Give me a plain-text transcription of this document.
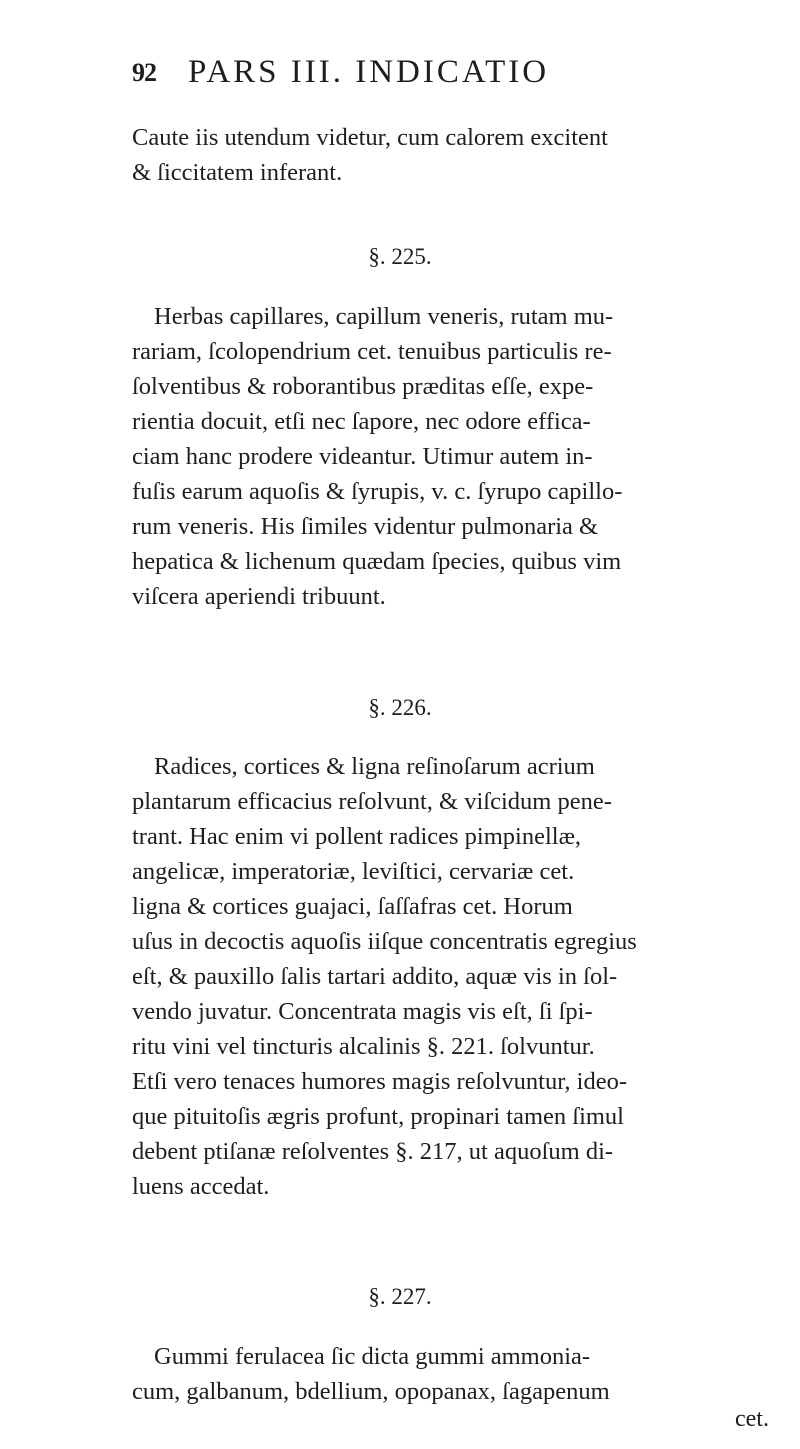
92 PARS III. INDICATIO
Caute iis utendum videtur, cum calorem excitent
& ſiccitatem inferant.
§. 225.
Herbas capillares, capillum veneris, rutam mu-
rariam, ſcolopendrium cet. tenuibus particulis re-
ſolventibus & roborantibus præditas eſſe, expe-
rientia docuit, etſi nec ſapore, nec odore effica-
ciam hanc prodere videantur. Utimur autem in-
fuſis earum aquoſis & ſyrupis, v. c. ſyrupo capillo-
rum veneris. His ſimiles videntur pulmonaria &
hepatica & lichenum quædam ſpecies, quibus vim
viſcera aperiendi tribuunt.
§. 226.
Radices, cortices & ligna reſinoſarum acrium
plantarum efficacius reſolvunt, & viſcidum pene-
trant. Hac enim vi pollent radices pimpinellæ,
angelicæ, imperatoriæ, leviſtici, cervariæ cet.
ligna & cortices guajaci, ſaſſafras cet. Horum
uſus in decoctis aquoſis iiſque concentratis egregius
eſt, & pauxillo ſalis tartari addito, aquæ vis in ſol-
vendo juvatur. Concentrata magis vis eſt, ſi ſpi-
ritu vini vel tincturis alcalinis §. 221. ſolvuntur.
Etſi vero tenaces humores magis reſolvuntur, ideo-
que pituitoſis ægris profunt, propinari tamen ſimul
debent ptiſanæ reſolventes §. 217, ut aquoſum di-
luens accedat.
§. 227.
Gummi ferulacea ſic dicta gummi ammonia-
cum, galbanum, bdellium, opopanax, ſagapenum
cet.
